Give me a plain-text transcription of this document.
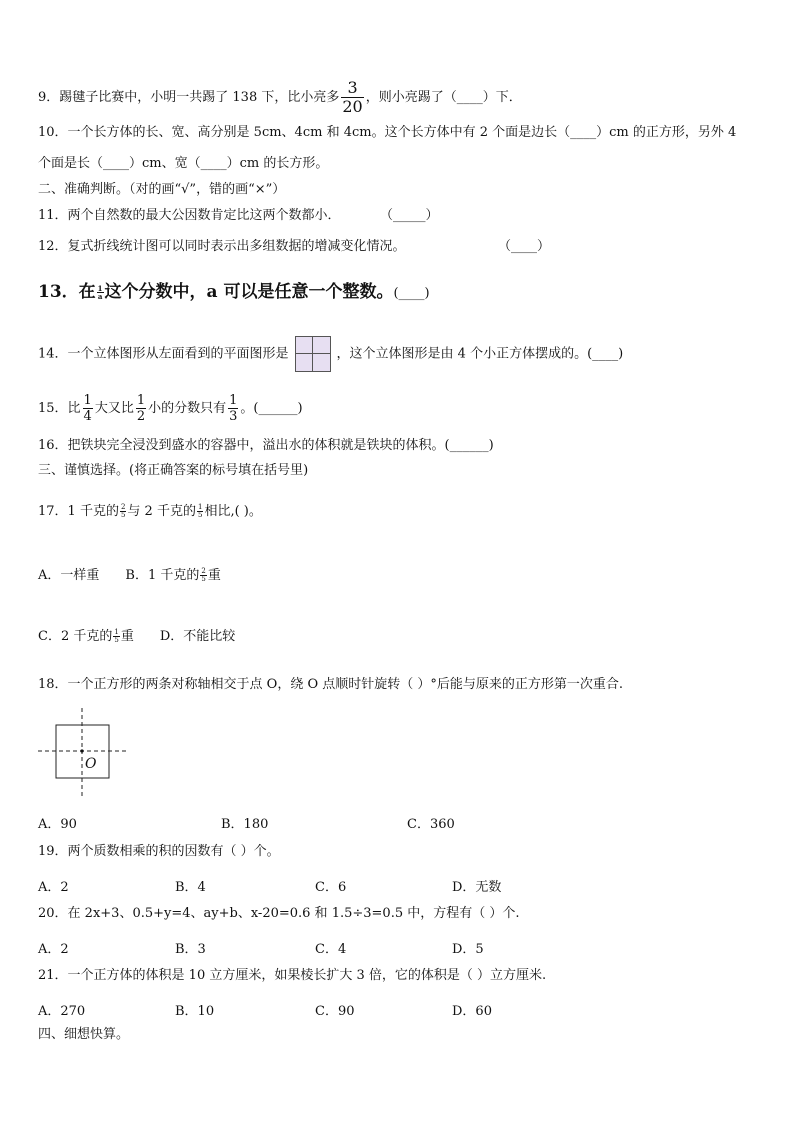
9．踢毽子比赛中，小明一共踢了 138 下，比小亮多 $\frac{3}{20}$ ，则小亮踢了（____）下．
10．一个长方体的长、宽、高分别是 5cm、4cm 和 4cm。这个长方体中有 2 个面是边长（____）cm 的正方形，另外 4
个面是长（____）cm、宽（____）cm 的长方形。
二、准确判断。（对的画“√”，错的画“×”）
11．两个自然数的最大公因数肯定比这两个数都小．	（_____）
12．复式折线统计图可以同时表示出多组数据的增减变化情况。	（____）
13．在 $\frac{1}{a}$ 这个分数中，a 可以是任意一个整数。(____)
14．一个立体图形从左面看到的平面图形是	，这个立体图形是由 4 个小正方体摆成的。(____)
15．比 $\frac{1}{4}$ 大又比 $\frac{1}{2}$ 小的分数只有 $\frac{1}{3}$ 。(______)
16．把铁块完全浸没到盛水的容器中，溢出水的体积就是铁块的体积。(______)
三、谨慎选择。(将正确答案的标号填在括号里)
17．1 千克的 $\frac{2}{5}$ 与 2 千克的 $\frac{1}{5}$ 相比,( )。
A．一样重 B．1 千克的 $\frac{2}{5}$ 重
C．2 千克的 $\frac{1}{5}$ 重 D．不能比较
18．一个正方形的两条对称轴相交于点 O，绕 O 点顺时针旋转（ ）°后能与原来的正方形第一次重合.
O
A．90	B．180	C．360
19．两个质数相乘的积的因数有（ ）个。
A．2	B．4	C．6	D．无数
20．在 2x+3、0.5+y=4、ay+b、x-20=0.6 和 1.5÷3=0.5 中，方程有（ ）个.
A．2	B．3	C．4	D．5
21．一个正方体的体积是 10 立方厘米，如果棱长扩大 3 倍，它的体积是（ ）立方厘米.
A．270	B．10	C．90	D．60
四、细想快算。
